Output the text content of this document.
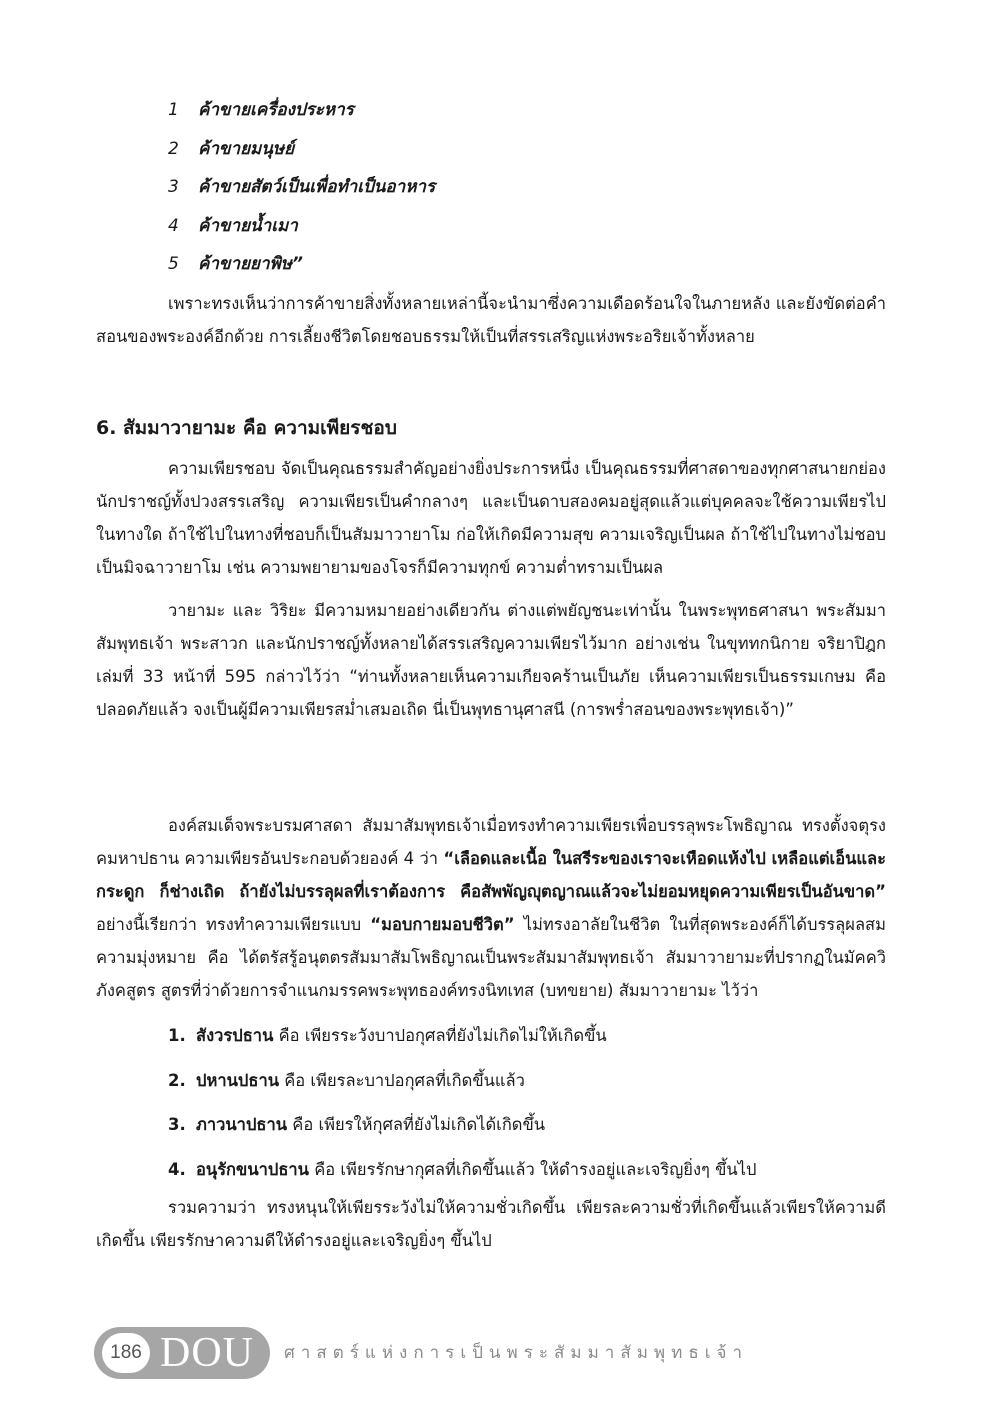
1 ค้าขายเครื่องประหาร
2 ค้าขายมนุษย์
3 ค้าขายสัตว์เป็นเพื่อทำเป็นอาหาร
4 ค้าขายน้ำเมา
5 ค้าขายยาพิษ”

เพราะทรงเห็นว่าการค้าขายสิ่งทั้งหลายเหล่านี้จะนำมาซึ่งความเดือดร้อนใจในภายหลัง และยังขัดต่อคำสอนของพระองค์อีกด้วย การเลี้ยงชีวิตโดยชอบธรรมให้เป็นที่สรรเสริญแห่งพระอริยเจ้าทั้งหลาย

6. สัมมาวายามะ คือ ความเพียรชอบ

ความเพียรชอบ จัดเป็นคุณธรรมสำคัญอย่างยิ่งประการหนึ่ง เป็นคุณธรรมที่ศาสดาของทุกศาสนายกย่อง นักปราชญ์ทั้งปวงสรรเสริญ ความเพียรเป็นคำกลางๆ และเป็นดาบสองคมอยู่สุดแล้วแต่บุคคลจะใช้ความเพียรไปในทางใด ถ้าใช้ไปในทางที่ชอบก็เป็นสัมมาวายาโม ก่อให้เกิดมีความสุข ความเจริญเป็นผล ถ้าใช้ไปในทางไม่ชอบเป็นมิจฉาวายาโม เช่น ความพยายามของโจรก็มีความทุกข์ ความต่ำทรามเป็นผล

วายามะ และ วิริยะ มีความหมายอย่างเดียวกัน ต่างแต่พยัญชนะเท่านั้น ในพระพุทธศาสนา พระสัมมาสัมพุทธเจ้า พระสาวก และนักปราชญ์ทั้งหลายได้สรรเสริญความเพียรไว้มาก อย่างเช่น ในขุททกนิกาย จริยาปิฎก เล่มที่ 33 หน้าที่ 595 กล่าวไว้ว่า “ท่านทั้งหลายเห็นความเกียจคร้านเป็นภัย เห็นความเพียรเป็นธรรมเกษม คือ ปลอดภัยแล้ว จงเป็นผู้มีความเพียรสม่ำเสมอเถิด นี่เป็นพุทธานุศาสนี (การพร่ำสอนของพระพุทธเจ้า)”

องค์สมเด็จพระบรมศาสดา สัมมาสัมพุทธเจ้าเมื่อทรงทำความเพียรเพื่อบรรลุพระโพธิญาณ ทรงตั้งจตุรงคมหาปธาน ความเพียรอันประกอบด้วยองค์ 4 ว่า “เลือดและเนื้อ ในสรีระของเราจะเหือดแห้งไป เหลือแต่เอ็นและกระดูก ก็ช่างเถิด ถ้ายังไม่บรรลุผลที่เราต้องการ คือสัพพัญญุตญาณแล้วจะไม่ยอมหยุดความเพียรเป็นอันขาด” อย่างนี้เรียกว่า ทรงทำความเพียรแบบ “มอบกายมอบชีวิต” ไม่ทรงอาลัยในชีวิต ในที่สุดพระองค์ก็ได้บรรลุผลสมความมุ่งหมาย คือ ได้ตรัสรู้อนุตตรสัมมาสัมโพธิญาณเป็นพระสัมมาสัมพุทธเจ้า สัมมาวายามะที่ปรากฏในมัคควิภังคสูตร สูตรที่ว่าด้วยการจำแนกมรรคพระพุทธองค์ทรงนิทเทส (บทขยาย) สัมมาวายามะ ไว้ว่า

1. สังวรปธาน คือ เพียรระวังบาปอกุศลที่ยังไม่เกิดไม่ให้เกิดขึ้น
2. ปหานปธาน คือ เพียรละบาปอกุศลที่เกิดขึ้นแล้ว
3. ภาวนาปธาน คือ เพียรให้กุศลที่ยังไม่เกิดได้เกิดขึ้น
4. อนุรักขนาปธาน คือ เพียรรักษากุศลที่เกิดขึ้นแล้ว ให้ดำรงอยู่และเจริญยิ่งๆ ขึ้นไป

รวมความว่า ทรงหนุนให้เพียรระวังไม่ให้ความชั่วเกิดขึ้น เพียรละความชั่วที่เกิดขึ้นแล้วเพียรให้ความดีเกิดขึ้น เพียรรักษาความดีให้ดำรงอยู่และเจริญยิ่งๆ ขึ้นไป

186 DOU ศาสตร์แห่งการเป็นพระสัมมาสัมพุทธเจ้า
